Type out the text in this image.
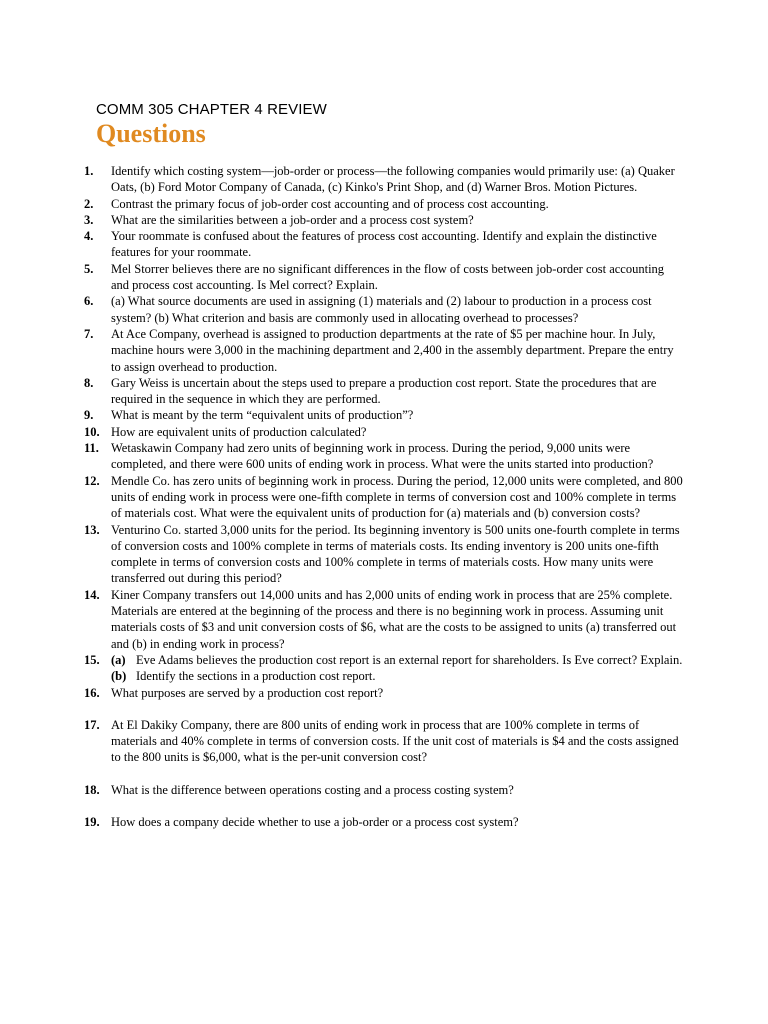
COMM 305 CHAPTER 4 REVIEW
Questions
1.	Identify which costing system—job-order or process—the following companies would primarily use: (a) Quaker Oats, (b) Ford Motor Company of Canada, (c) Kinko's Print Shop, and (d) Warner Bros. Motion Pictures.
2.	Contrast the primary focus of job-order cost accounting and of process cost accounting.
3.	What are the similarities between a job-order and a process cost system?
4.	Your roommate is confused about the features of process cost accounting. Identify and explain the distinctive features for your roommate.
5.	Mel Storrer believes there are no significant differences in the flow of costs between job-order cost accounting and process cost accounting. Is Mel correct? Explain.
6.	(a) What source documents are used in assigning (1) materials and (2) labour to production in a process cost system? (b) What criterion and basis are commonly used in allocating overhead to processes?
7.	At Ace Company, overhead is assigned to production departments at the rate of $5 per machine hour. In July, machine hours were 3,000 in the machining department and 2,400 in the assembly department. Prepare the entry to assign overhead to production.
8.	Gary Weiss is uncertain about the steps used to prepare a production cost report. State the procedures that are required in the sequence in which they are performed.
9.	What is meant by the term “equivalent units of production”?
10. How are equivalent units of production calculated?
11. Wetaskawin Company had zero units of beginning work in process. During the period, 9,000 units were completed, and there were 600 units of ending work in process. What were the units started into production?
12. Mendle Co. has zero units of beginning work in process. During the period, 12,000 units were completed, and 800 units of ending work in process were one-fifth complete in terms of conversion cost and 100% complete in terms of materials cost. What were the equivalent units of production for (a) materials and (b) conversion costs?
13. Venturino Co. started 3,000 units for the period. Its beginning inventory is 500 units one-fourth complete in terms of conversion costs and 100% complete in terms of materials costs. Its ending inventory is 200 units one-fifth complete in terms of conversion costs and 100% complete in terms of materials costs. How many units were transferred out during this period?
14. Kiner Company transfers out 14,000 units and has 2,000 units of ending work in process that are 25% complete. Materials are entered at the beginning of the process and there is no beginning work in process. Assuming unit materials costs of $3 and unit conversion costs of $6, what are the costs to be assigned to units (a) transferred out and (b) in ending work in process?
15. (a) Eve Adams believes the production cost report is an external report for shareholders. Is Eve correct? Explain.
(b) Identify the sections in a production cost report.
16. What purposes are served by a production cost report?
17. At El Dakiky Company, there are 800 units of ending work in process that are 100% complete in terms of materials and 40% complete in terms of conversion costs. If the unit cost of materials is $4 and the costs assigned to the 800 units is $6,000, what is the per-unit conversion cost?
18. What is the difference between operations costing and a process costing system?
19. How does a company decide whether to use a job-order or a process cost system?
